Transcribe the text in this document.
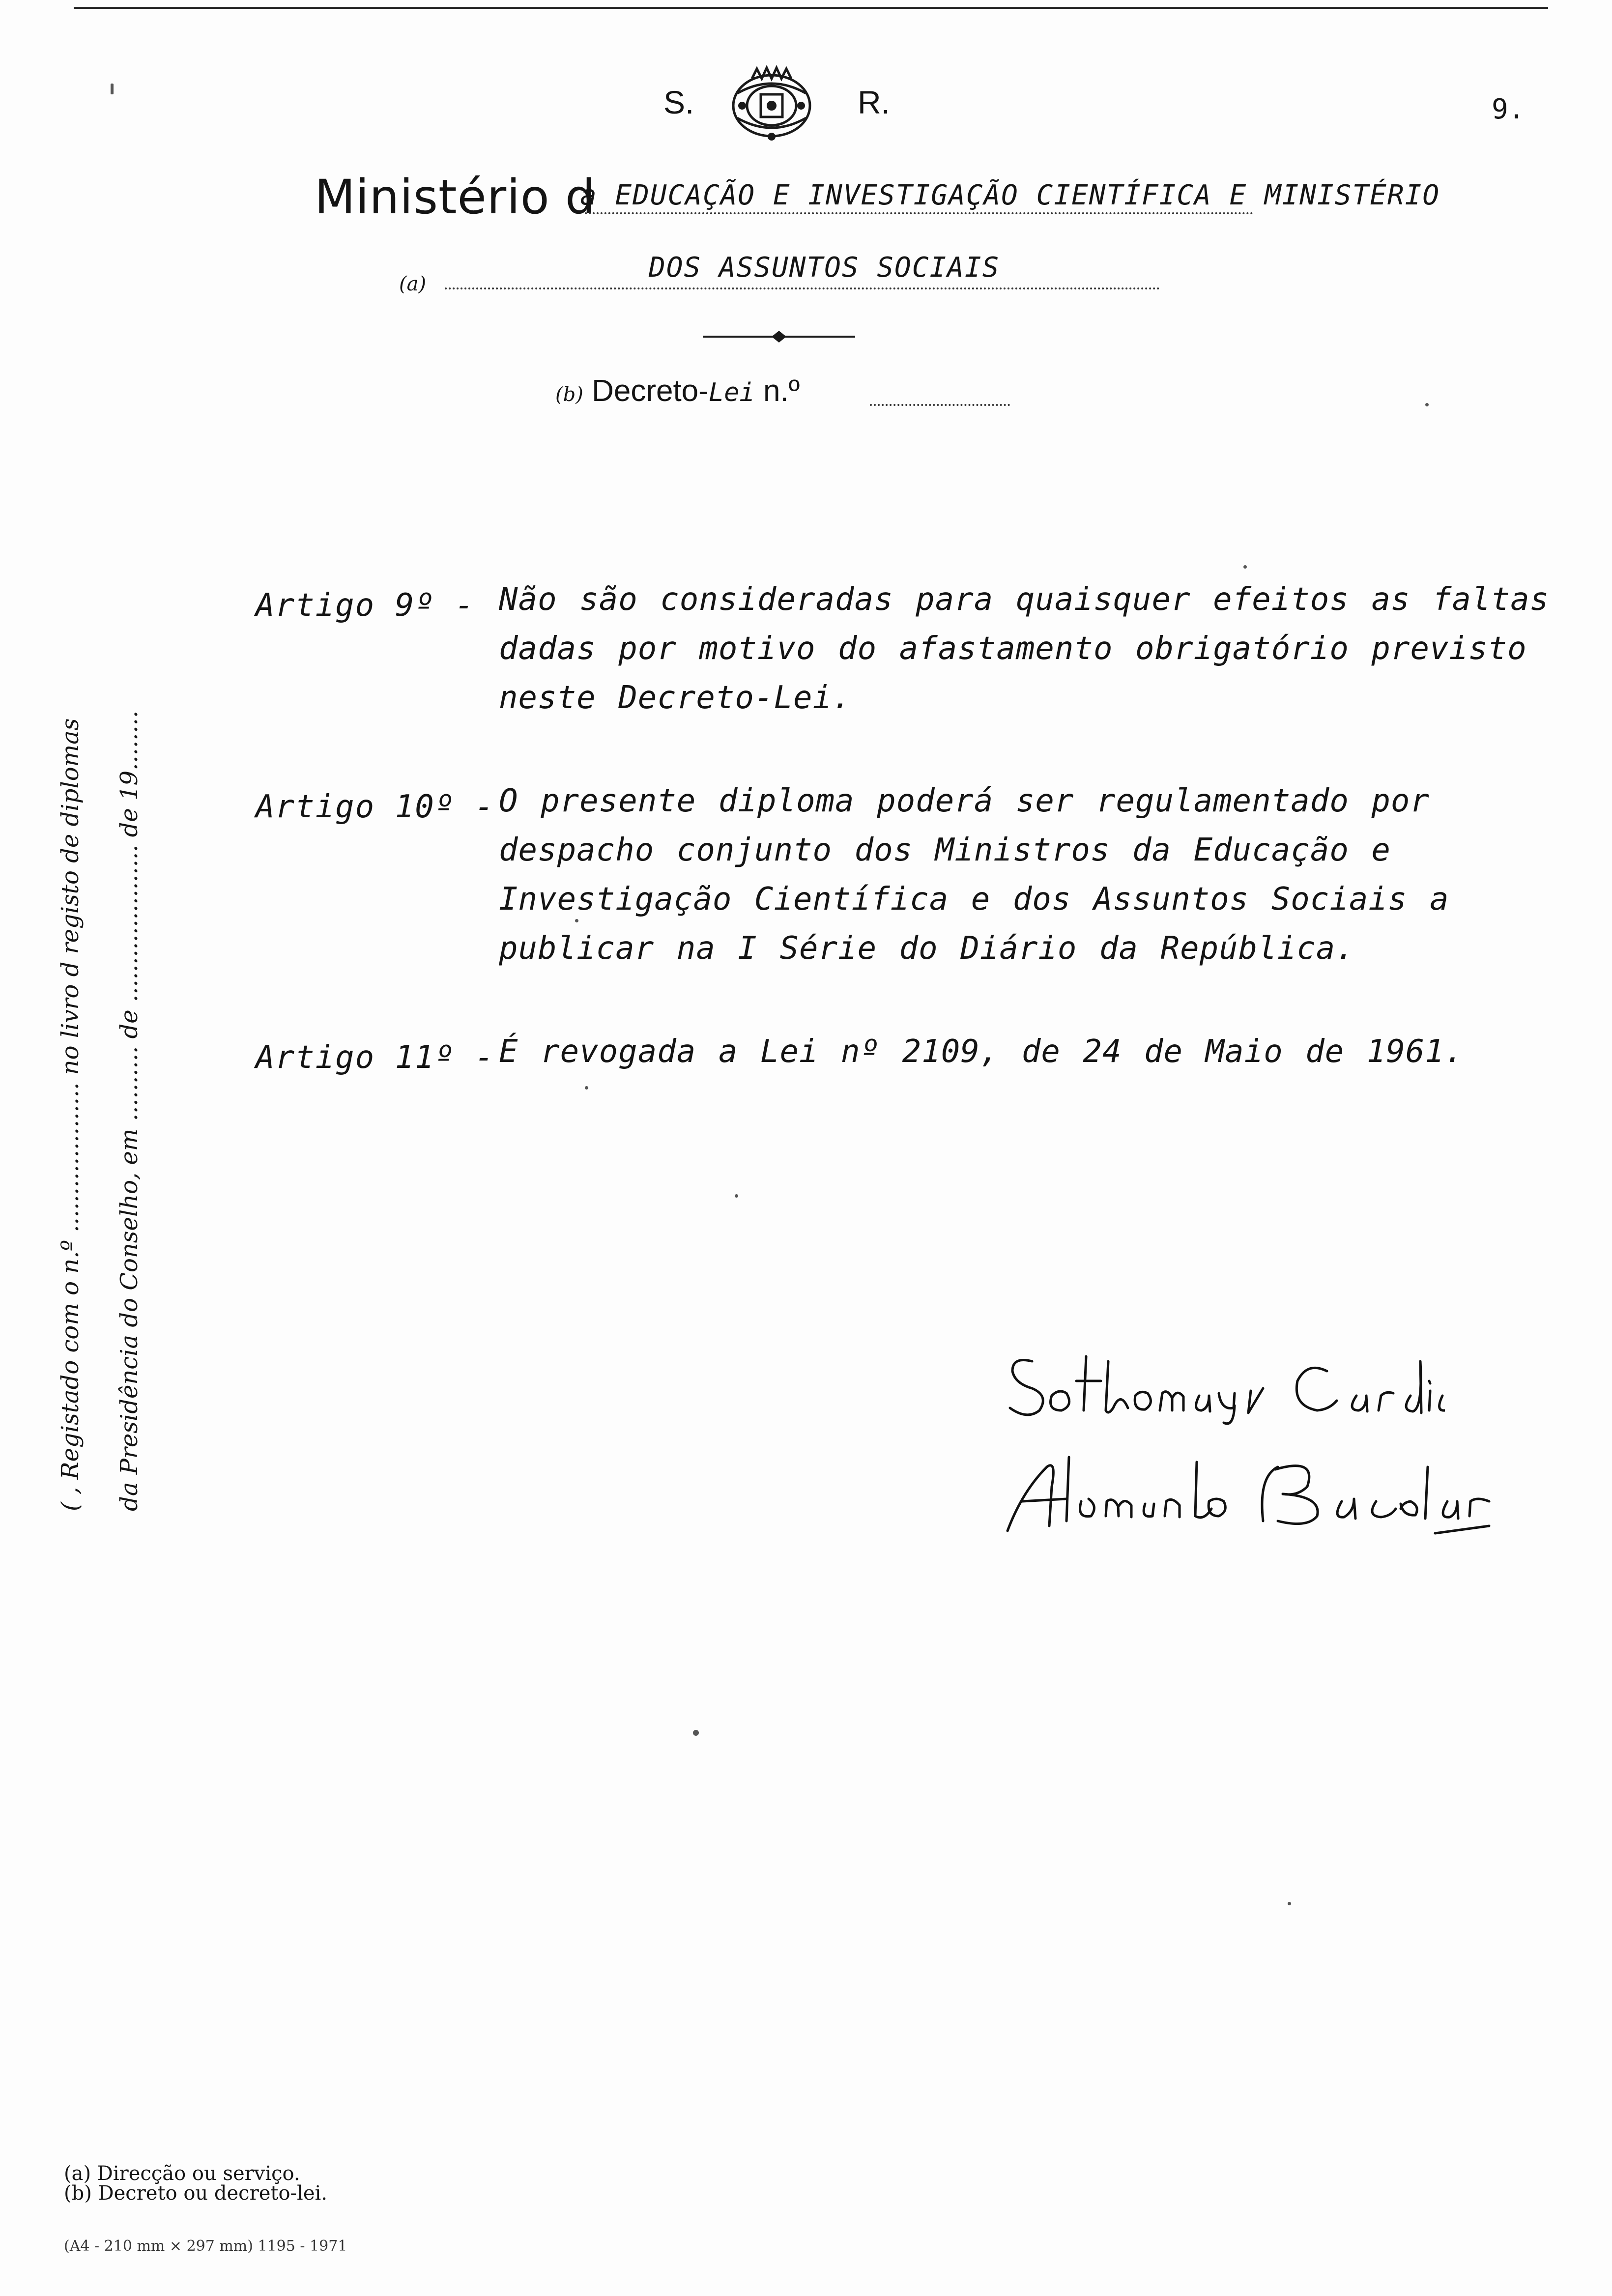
S.	R.	9.
Ministério d
a EDUCAÇÃO E INVESTIGAÇÃO CIENTÍFICA E MINISTÉRIO
(a)
DOS ASSUNTOS SOCIAIS
(b) Decreto-Lei n.º
Artigo 9º - Não são consideradas para quaisquer efeitos as faltas dadas por motivo do afastamento obrigatório previsto neste Decreto-Lei.
Artigo 10º - O presente diploma poderá ser regulamentado por despacho conjunto dos Ministros da Educação e Investigação Científica e dos Assuntos Sociais a publicar na I Série do Diário da República.
Artigo 11º - É revogada a Lei nº 2109, de 24 de Maio de 1961.
( , Registado com o n.º .................... no livro d registo de diplomas da Presidência do Conselho, em .......... de ..................... de 19........
(a) Direcção ou serviço.
(b) Decreto ou decreto-lei.
(A4 - 210 mm × 297 mm) 1195 - 1971
